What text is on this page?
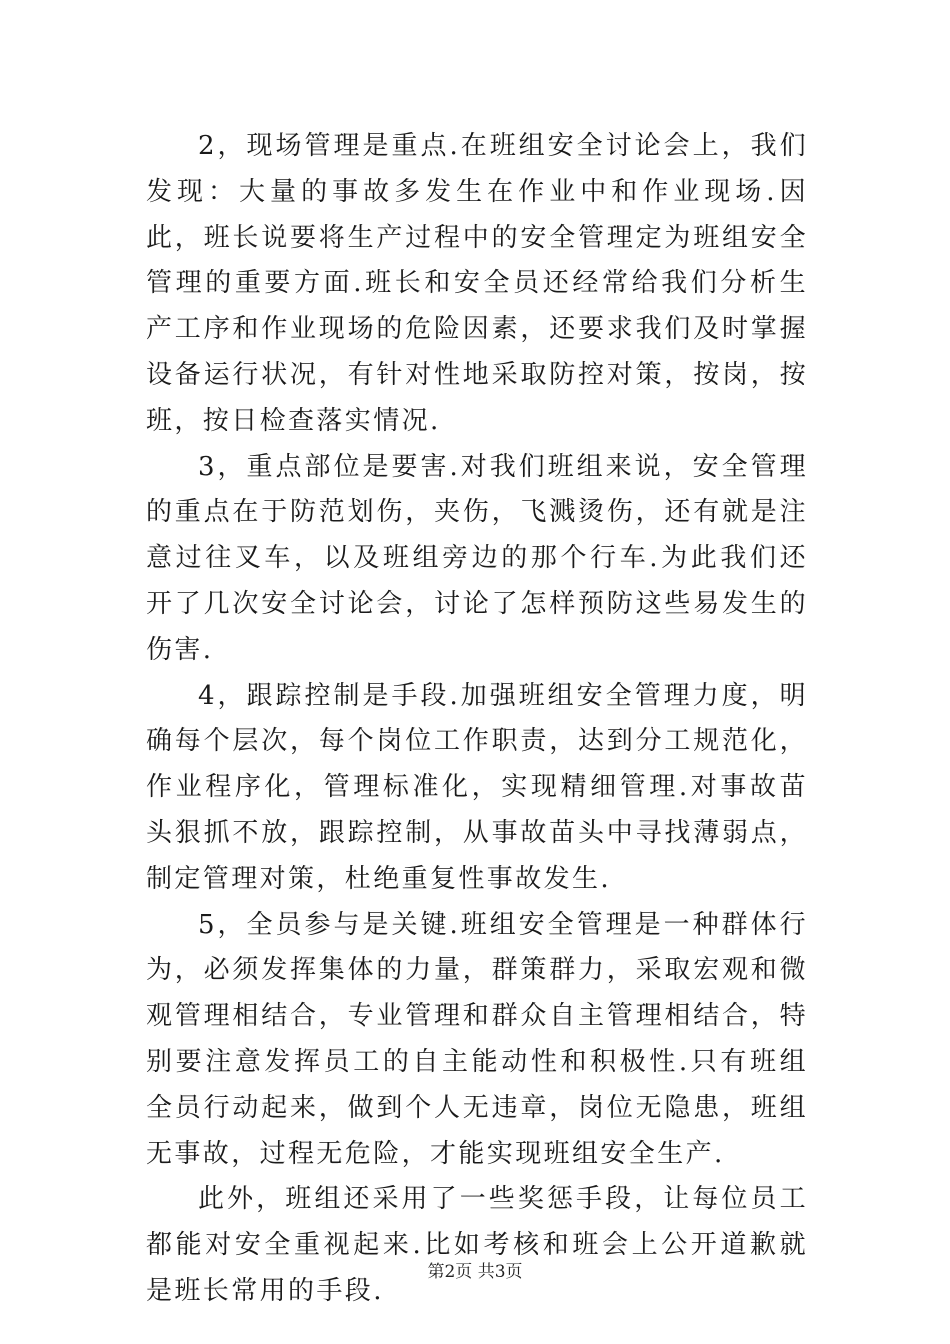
2，现场管理是重点.在班组安全讨论会上，我们发现：大量的事故多发生在作业中和作业现场.因此，班长说要将生产过程中的安全管理定为班组安全管理的重要方面.班长和安全员还经常给我们分析生产工序和作业现场的危险因素，还要求我们及时掌握设备运行状况，有针对性地采取防控对策，按岗，按班，按日检查落实情况.

3，重点部位是要害.对我们班组来说，安全管理的重点在于防范划伤，夹伤，飞溅烫伤，还有就是注意过往叉车，以及班组旁边的那个行车.为此我们还开了几次安全讨论会，讨论了怎样预防这些易发生的伤害.

4，跟踪控制是手段.加强班组安全管理力度，明确每个层次，每个岗位工作职责，达到分工规范化，作业程序化，管理标准化，实现精细管理.对事故苗头狠抓不放，跟踪控制，从事故苗头中寻找薄弱点，制定管理对策，杜绝重复性事故发生.

5，全员参与是关键.班组安全管理是一种群体行为，必须发挥集体的力量，群策群力，采取宏观和微观管理相结合，专业管理和群众自主管理相结合，特别要注意发挥员工的自主能动性和积极性.只有班组全员行动起来，做到个人无违章，岗位无隐患，班组无事故，过程无危险，才能实现班组安全生产.

此外，班组还采用了一些奖惩手段，让每位员工都能对安全重视起来.比如考核和班会上公开道歉就是班长常用的手段.

第2页 共3页
